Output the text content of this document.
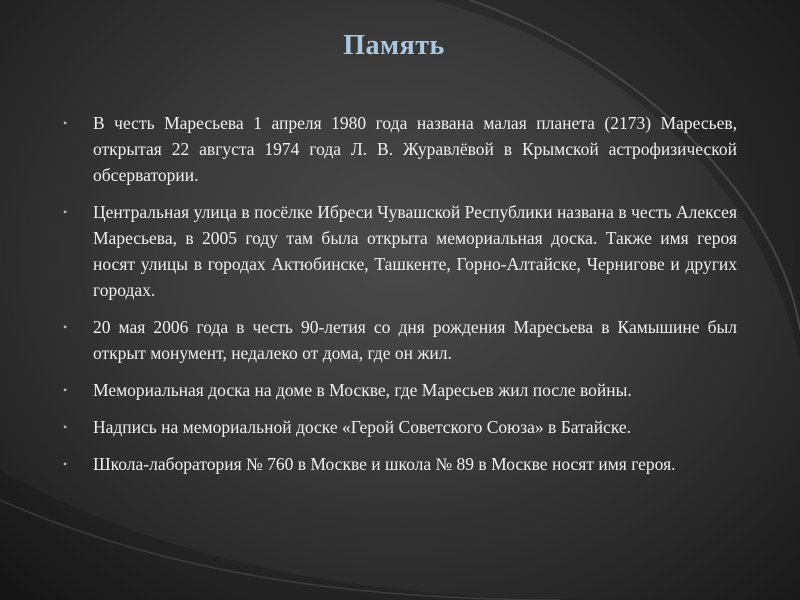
Память
• В честь Маресьева 1 апреля 1980 года названа малая планета (2173) Маресьев, открытая 22 августа 1974 года Л. В. Журавлёвой в Крымской астрофизической обсерватории.
• Центральная улица в посёлке Ибреси Чувашской Республики названа в честь Алексея Маресьева, в 2005 году там была открыта мемориальная доска. Также имя героя носят улицы в городах Актюбинске, Ташкенте, Горно-Алтайске, Чернигове и других городах.
• 20 мая 2006 года в честь 90-летия со дня рождения Маресьева в Камышине был открыт монумент, недалеко от дома, где он жил.
• Мемориальная доска на доме в Москве, где Маресьев жил после войны.
• Надпись на мемориальной доске «Герой Советского Союза» в Батайске.
• Школа-лаборатория № 760 в Москве и школа № 89 в Москве носят имя героя.
